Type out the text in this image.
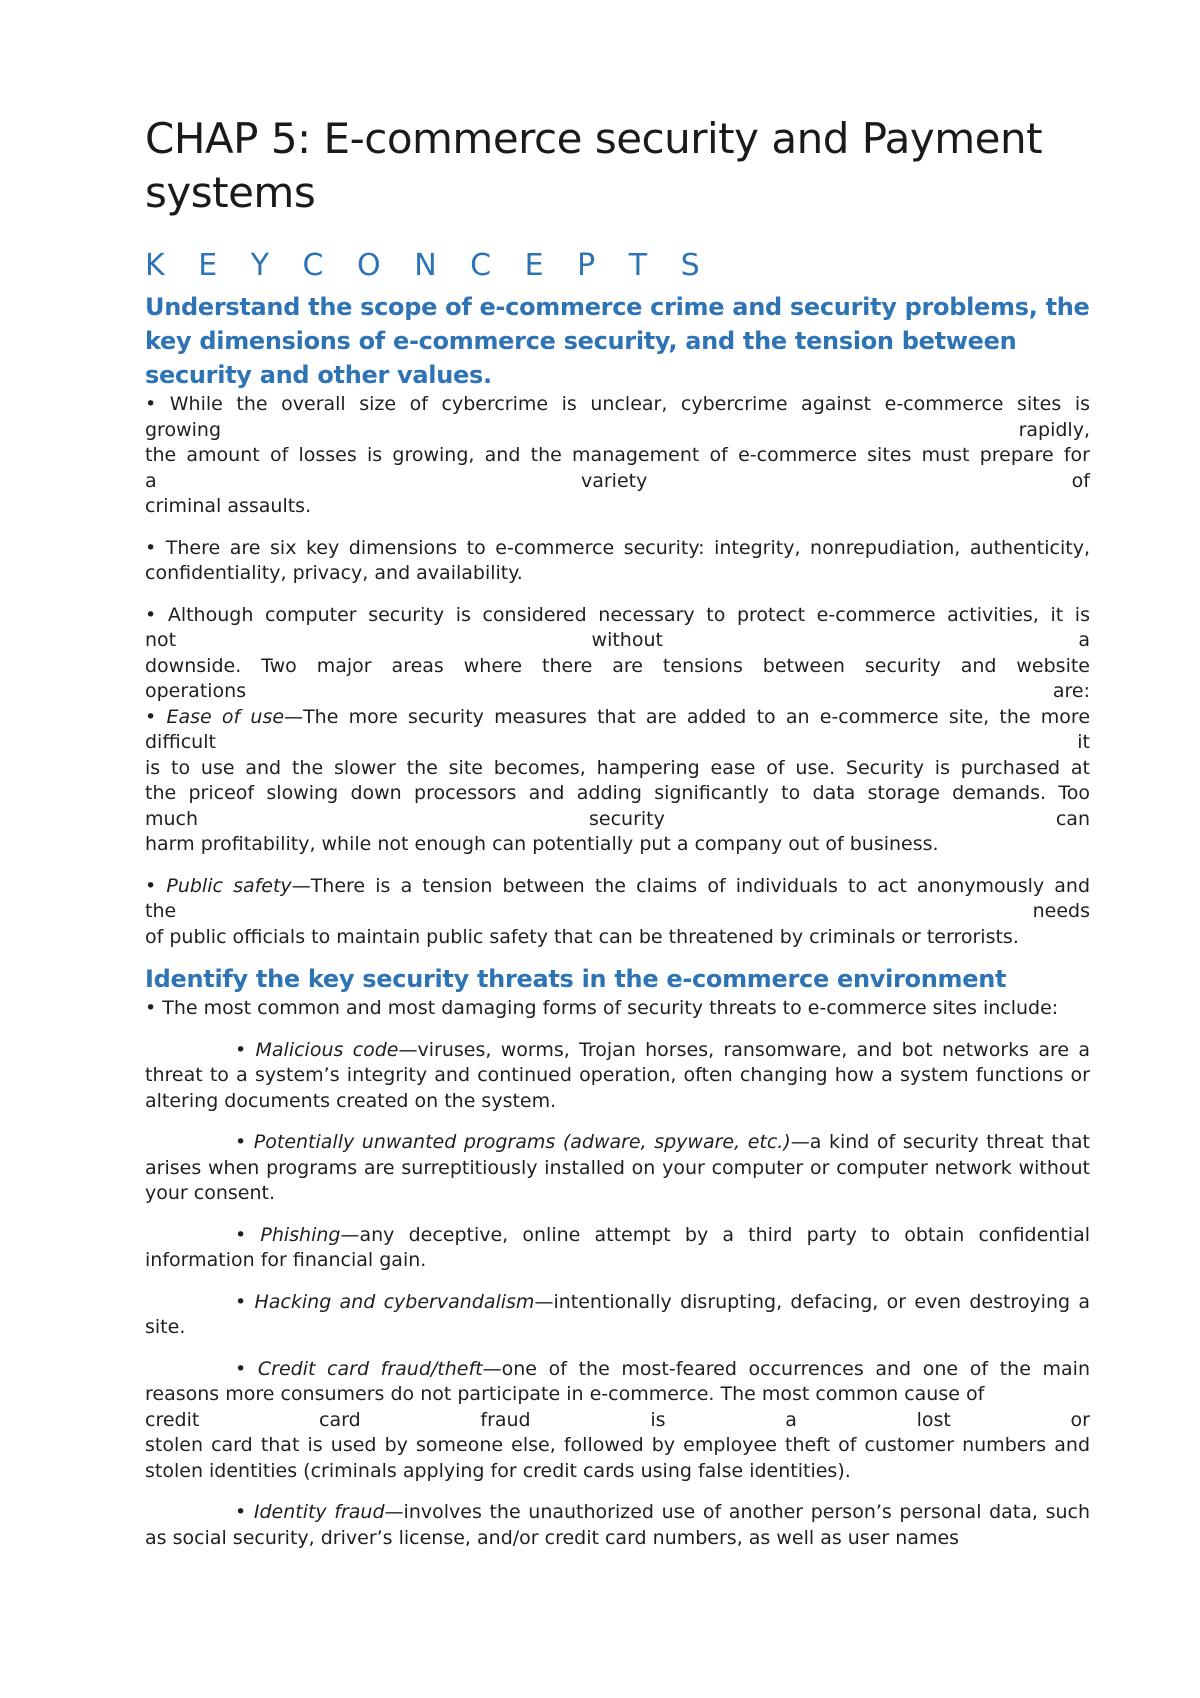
CHAP 5: E-commerce security and Payment systems
K E Y C O N C E P T S
Understand the scope of e-commerce crime and security problems, the key dimensions of e-commerce security, and the tension between security and other values.

• While the overall size of cybercrime is unclear, cybercrime against e-commerce sites is
growing rapidly,
the amount of losses is growing, and the management of e-commerce sites must prepare for
a variety of
criminal assaults.

• There are six key dimensions to e-commerce security: integrity, nonrepudiation, authenticity, confidentiality, privacy, and availability.

• Although computer security is considered necessary to protect e-commerce activities, it is
not without a
downside. Two major areas where there are tensions between security and website
operations are:

• Ease of use—The more security measures that are added to an e-commerce site, the more
difficult it
is to use and the slower the site becomes, hampering ease of use. Security is purchased at
the priceof slowing down processors and adding significantly to data storage demands. Too
much security can
harm profitability, while not enough can potentially put a company out of business.

• Public safety—There is a tension between the claims of individuals to act anonymously and
the needs
of public officials to maintain public safety that can be threatened by criminals or terrorists.

Identify the key security threats in the e-commerce environment

• The most common and most damaging forms of security threats to e-commerce sites include:

• Malicious code—viruses, worms, Trojan horses, ransomware, and bot networks are a threat to a system’s integrity and continued operation, often changing how a system functions or altering documents created on the system.

• Potentially unwanted programs (adware, spyware, etc.)—a kind of security threat that arises when programs are surreptitiously installed on your computer or computer network without your consent.

• Phishing—any deceptive, online attempt by a third party to obtain confidential information for financial gain.

• Hacking and cybervandalism—intentionally disrupting, defacing, or even destroying a site.

• Credit card fraud/theft—one of the most-feared occurrences and one of the main reasons more consumers do not participate in e-commerce. The most common cause of
credit card fraud is a lost or
stolen card that is used by someone else, followed by employee theft of customer numbers and stolen identities (criminals applying for credit cards using false identities).

• Identity fraud—involves the unauthorized use of another person’s personal data, such as social security, driver’s license, and/or credit card numbers, as well as user names
